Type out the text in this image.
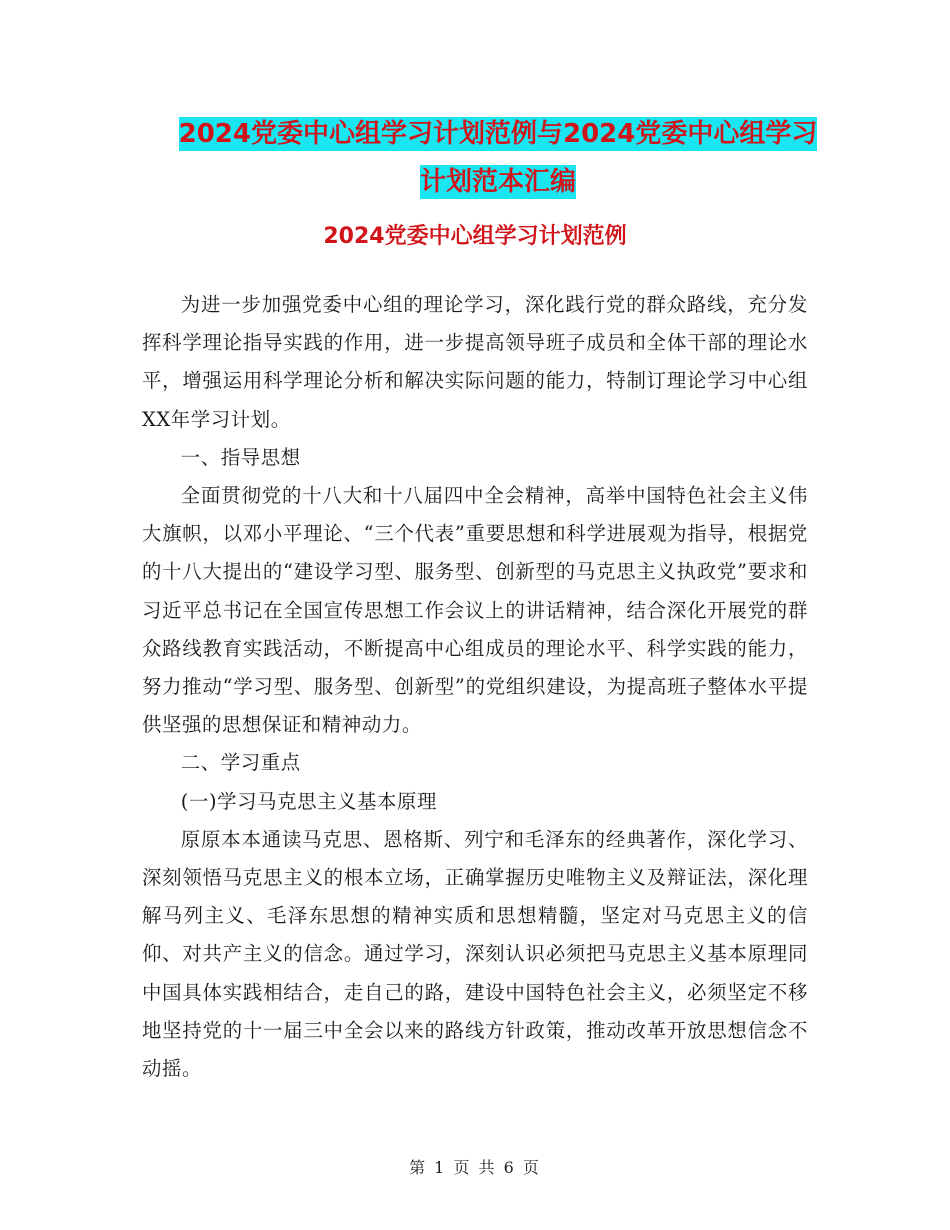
2024党委中心组学习计划范例与2024党委中心组学习
计划范本汇编
2024党委中心组学习计划范例

为进一步加强党委中心组的理论学习，深化践行党的群众路线，充分发挥科学理论指导实践的作用，进一步提高领导班子成员和全体干部的理论水平，增强运用科学理论分析和解决实际问题的能力，特制订理论学习中心组XX年学习计划。

一、指导思想

全面贯彻党的十八大和十八届四中全会精神，高举中国特色社会主义伟大旗帜，以邓小平理论、“三个代表”重要思想和科学进展观为指导，根据党的十八大提出的“建设学习型、服务型、创新型的马克思主义执政党”要求和习近平总书记在全国宣传思想工作会议上的讲话精神，结合深化开展党的群众路线教育实践活动，不断提高中心组成员的理论水平、科学实践的能力，努力推动“学习型、服务型、创新型”的党组织建设，为提高班子整体水平提供坚强的思想保证和精神动力。

二、学习重点

(一)学习马克思主义基本原理

原原本本通读马克思、恩格斯、列宁和毛泽东的经典著作，深化学习、深刻领悟马克思主义的根本立场，正确掌握历史唯物主义及辩证法，深化理解马列主义、毛泽东思想的精神实质和思想精髓，坚定对马克思主义的信仰、对共产主义的信念。通过学习，深刻认识必须把马克思主义基本原理同中国具体实践相结合，走自己的路，建设中国特色社会主义，必须坚定不移地坚持党的十一届三中全会以来的路线方针政策，推动改革开放思想信念不动摇。

第 1 页 共 6 页
